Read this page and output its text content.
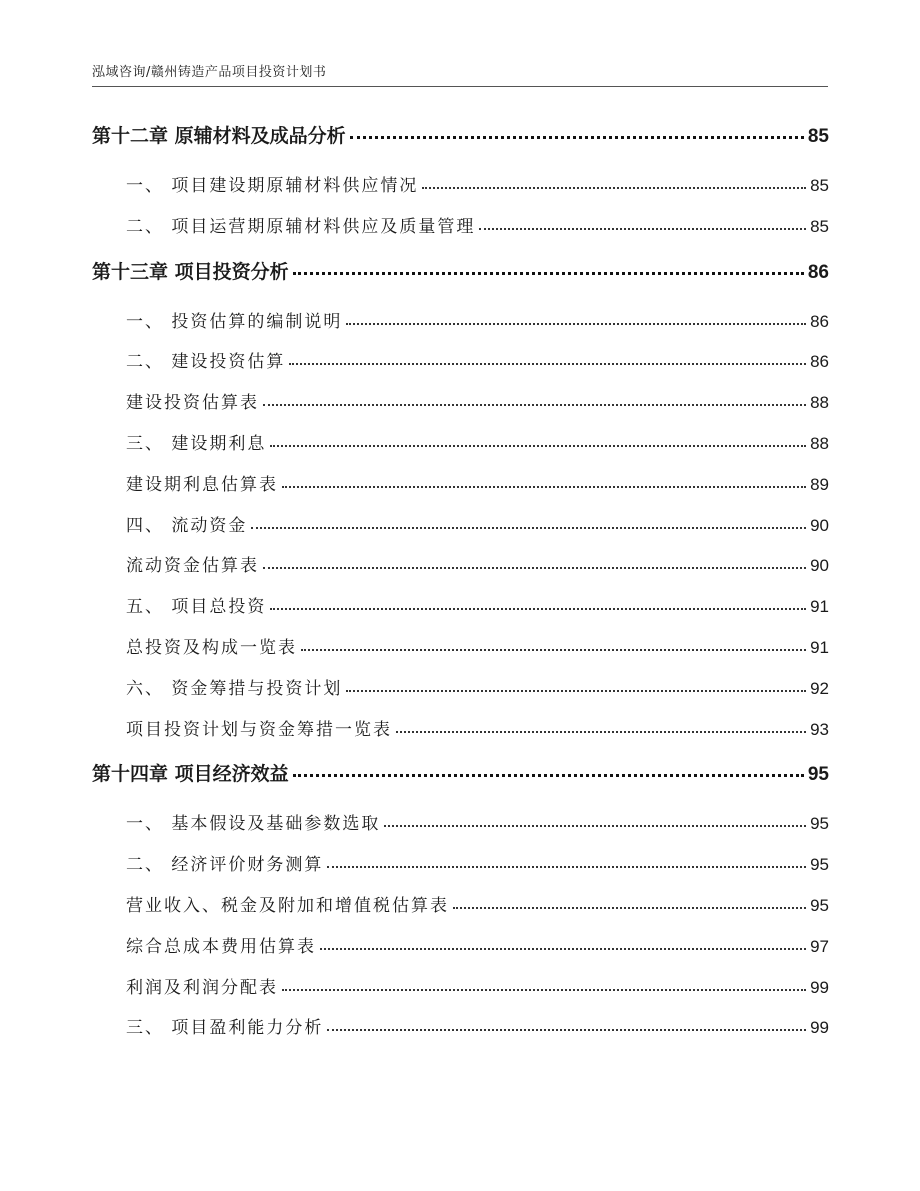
泓域咨询/赣州铸造产品项目投资计划书
第十二章 原辅材料及成品分析	85
一、 项目建设期原辅材料供应情况	85
二、 项目运营期原辅材料供应及质量管理	85
第十三章 项目投资分析	86
一、 投资估算的编制说明	86
二、 建设投资估算	86
建设投资估算表	88
三、 建设期利息	88
建设期利息估算表	89
四、 流动资金	90
流动资金估算表	90
五、 项目总投资	91
总投资及构成一览表	91
六、 资金筹措与投资计划	92
项目投资计划与资金筹措一览表	93
第十四章 项目经济效益	95
一、 基本假设及基础参数选取	95
二、 经济评价财务测算	95
营业收入、税金及附加和增值税估算表	95
综合总成本费用估算表	97
利润及利润分配表	99
三、 项目盈利能力分析	99
